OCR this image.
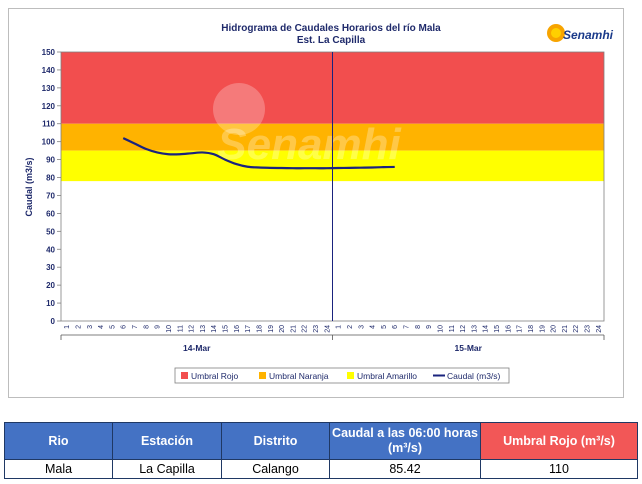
Hidrograma de Caudales Horarios del río Mala
Est. La Capilla	Senamhi
Senamhi
0
10
20
30
40
50
60
70
80
90
100
110
120
130
140
150
1 2 3 4 5 6 7 8 9 10 11 12 13 14 15 16 17 18 19 20 21 22 23 24 1 2 3 4 5 6 7 8 9 10 11 12 13 14 15 16 17 18 19 20 21 22 23 24
14-Mar	15-Mar
Caudal (m3/s)
Umbral Rojo	Umbral Naranja	Umbral Amarillo	Caudal (m3/s)
Rio	Estación	Distrito	Caudal a las 06:00 horas (m³/s)	Umbral Rojo (m³/s)
Mala	La Capilla	Calango	85.42	110
